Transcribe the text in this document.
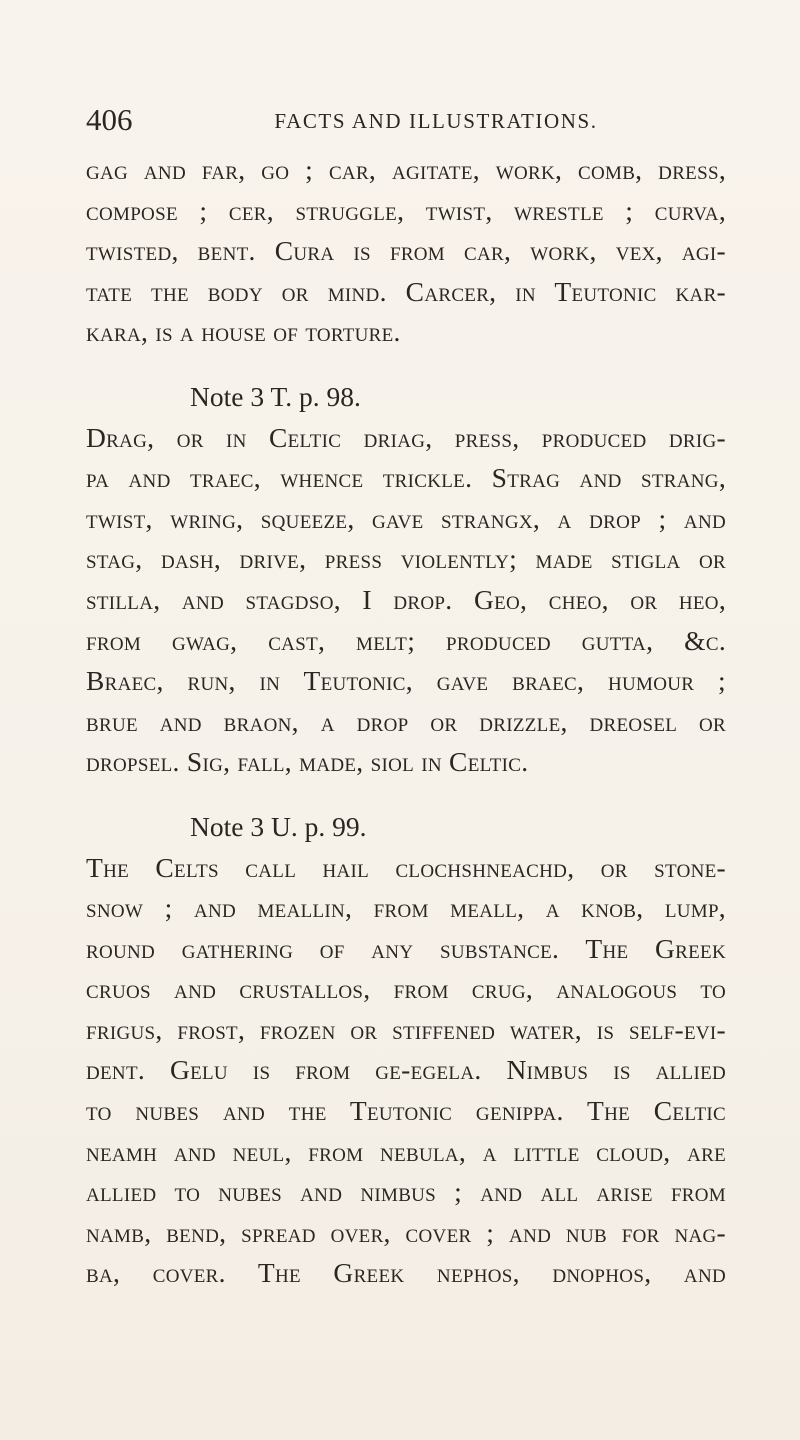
406	FACTS AND ILLUSTRATIONS.
gag and far, go ; car, agitate, work, comb, dress,
compose ; cer, struggle, twist, wrestle ; curva,
twisted, bent. Cura is from car, work, vex, agi-
tate the body or mind. Carcer, in Teutonic kar-
kara, is a house of torture.
Note 3 T. p. 98.
Drag, or in Celtic driag, press, produced drig-
pa and traec, whence trickle. Strag and strang,
twist, wring, squeeze, gave strangx, a drop ; and
stag, dash, drive, press violently; made stigla or
stilla, and stagdso, I drop. Geo, cheo, or heo,
from gwag, cast, melt; produced gutta, &c.
Braec, run, in Teutonic, gave braec, humour ;
brue and braon, a drop or drizzle, dreosel or
dropsel. Sig, fall, made, siol in Celtic.
Note 3 U. p. 99.
The Celts call hail clochshneachd, or stone-
snow ; and meallin, from meall, a knob, lump,
round gathering of any substance. The Greek
cruos and crustallos, from crug, analogous to
frigus, frost, frozen or stiffened water, is self-evi-
dent. Gelu is from ge-egela. Nimbus is allied
to nubes and the Teutonic genippa. The Celtic
neamh and neul, from nebula, a little cloud, are
allied to nubes and nimbus ; and all arise from
namb, bend, spread over, cover ; and nub for nag-
ba, cover. The Greek nephos, dnophos, and
